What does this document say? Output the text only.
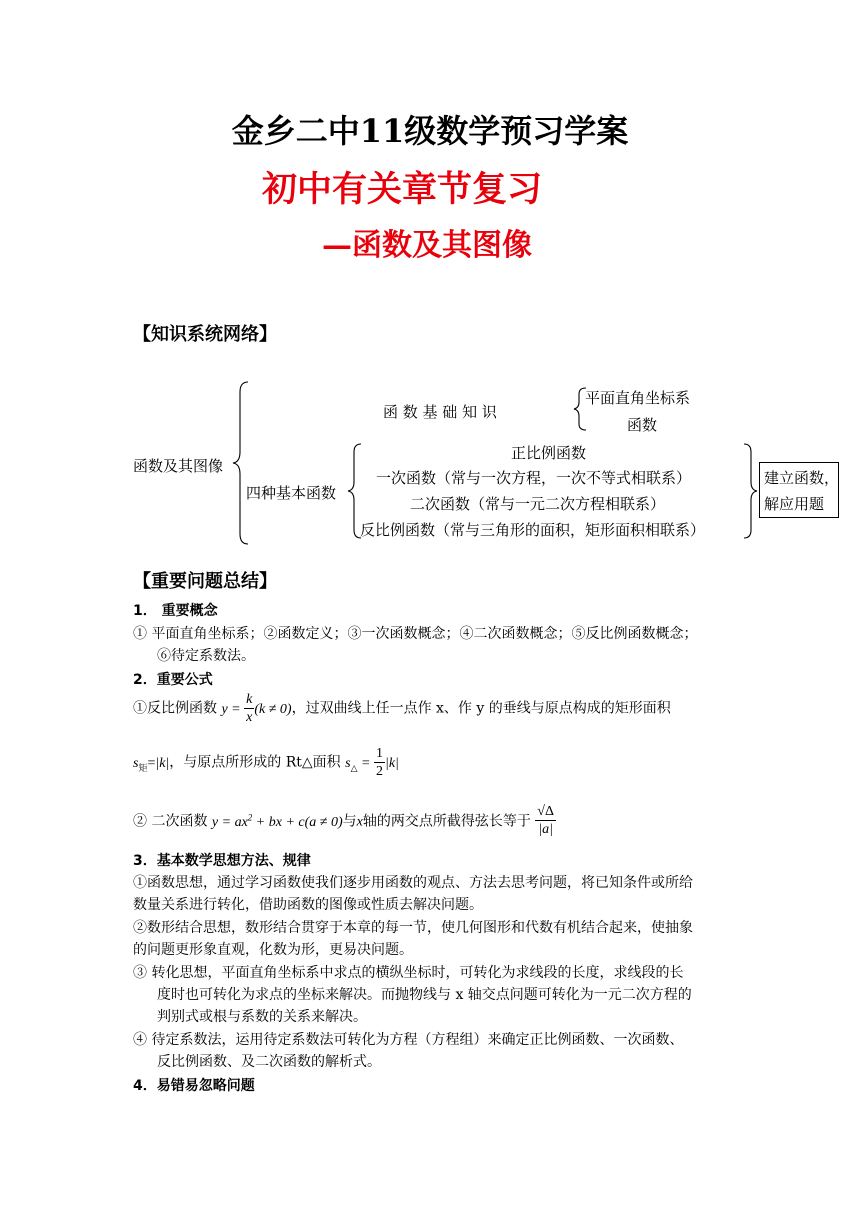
金乡二中11级数学预习学案
初中有关章节复习
—函数及其图像
【知识系统网络】
函数及其图像
函 数 基 础 知 识
平面直角坐标系
函数
四种基本函数
正比例函数
一次函数（常与一次方程，一次不等式相联系）
二次函数（常与一元二次方程相联系）
反比例函数（常与三角形的面积，矩形面积相联系）
建立函数，
解应用题
【重要问题总结】
1． 重要概念
① 平面直角坐标系；②函数定义；③一次函数概念；④二次函数概念；⑤反比例函数概念；
⑥待定系数法。
2．重要公式
①反比例函数 $y = \frac{k}{x} (k \ne 0)$，过双曲线上任一点作 x、作 y 的垂线与原点构成的矩形面积
$s_矩=|k|$，与原点所形成的 Rt△面积 $s_\triangle = \frac{1}{2} |k|$
② 二次函数 $y = ax^2$ + bx + c(a ≠ 0)与x轴的两交点所截得弦长等于 $\frac{√\Delta}{|a|}$
3．基本数学思想方法、规律
①函数思想，通过学习函数使我们逐步用函数的观点、方法去思考问题，将已知条件或所给
数量关系进行转化，借助函数的图像或性质去解决问题。
②数形结合思想，数形结合贯穿于本章的每一节，使几何图形和代数有机结合起来，使抽象
的问题更形象直观，化数为形，更易决问题。
③ 转化思想，平面直角坐标系中求点的横纵坐标时，可转化为求线段的长度，求线段的长
度时也可转化为求点的坐标来解决。而抛物线与 x 轴交点问题可转化为一元二次方程的
判别式或根与系数的关系来解决。
④ 待定系数法，运用待定系数法可转化为方程（方程组）来确定正比例函数、一次函数、
反比例函数、及二次函数的解析式。
4．易错易忽略问题
